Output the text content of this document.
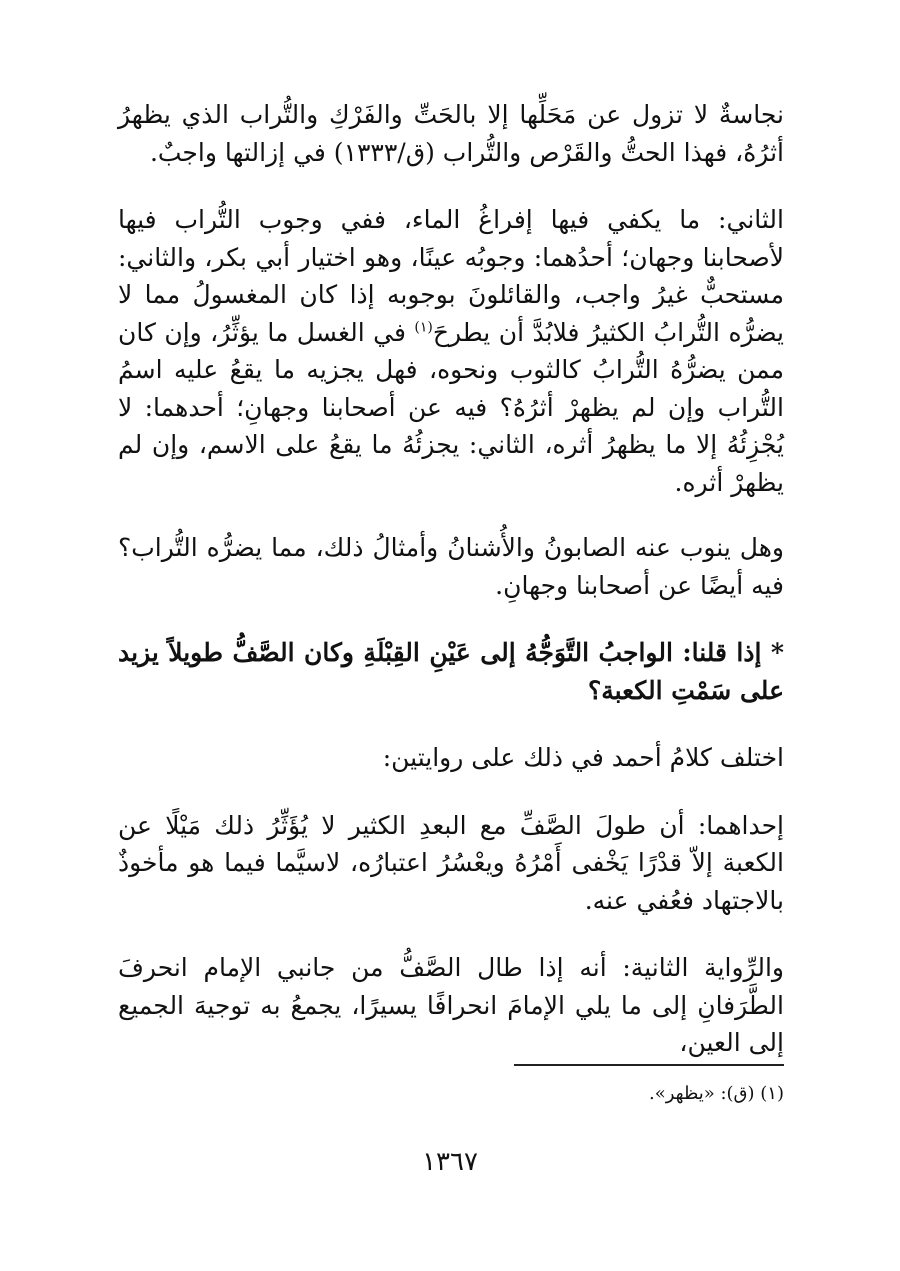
نجاسةٌ لا تزول عن مَحَلِّها إلا بالحَتِّ والفَرْكِ والتُّراب الذي يظهرُ أثرُهُ، فهذا الحتُّ والقَرْص والتُّراب (ق/١٣٣٣) في إزالتها واجبٌ.

الثاني: ما يكفي فيها إفراغُ الماء، ففي وجوب التُّراب فيها لأصحابنا وجهان؛ أحدُهما: وجوبُه عينًا، وهو اختيار أبي بكر، والثاني: مستحبٌّ غيرُ واجب، والقائلونَ بوجوبه إذا كان المغسولُ مما لا يضرُّه التُّرابُ الكثيرُ فلابُدَّ أن يطرحَ$^{(١)}$ في الغسل ما يؤثِّرُ، وإن كان ممن يضرُّهُ التُّرابُ كالثوب ونحوه، فهل يجزيه ما يقعُ عليه اسمُ التُّراب وإن لم يظهرْ أثرُهُ؟ فيه عن أصحابنا وجهانِ؛ أحدهما: لا يُجْزِئُهُ إلا ما يظهرُ أثره، الثاني: يجزئُهُ ما يقعُ على الاسم، وإن لم يظهرْ أثره.

وهل ينوب عنه الصابونُ والأُشنانُ وأمثالُ ذلك، مما يضرُّه التُّراب؟ فيه أيضًا عن أصحابنا وجهانِ.

* إذا قلنا: الواجبُ التَّوَجُّهُ إلى عَيْنِ القِبْلَةِ وكان الصَّفُّ طويلاً يزيد على سَمْتِ الكعبة؟

اختلف كلامُ أحمد في ذلك على روايتين:

إحداهما: أن طولَ الصَّفِّ مع البعدِ الكثير لا يُؤَثِّرُ ذلك مَيْلًا عن الكعبة إلاّ قدْرًا يَخْفى أَمْرُهُ ويعْسُرُ اعتبارُه، لاسيَّما فيما هو مأخوذٌ بالاجتهاد فعُفي عنه.

والرِّواية الثانية: أنه إذا طال الصَّفُّ من جانبي الإمام انحرفَ الطَّرَفانِ إلى ما يلي الإمامَ انحرافًا يسيرًا، يجمعُ به توجيهَ الجميع إلى العين،

(١) (ق): «يظهر».
١٣٦٧
